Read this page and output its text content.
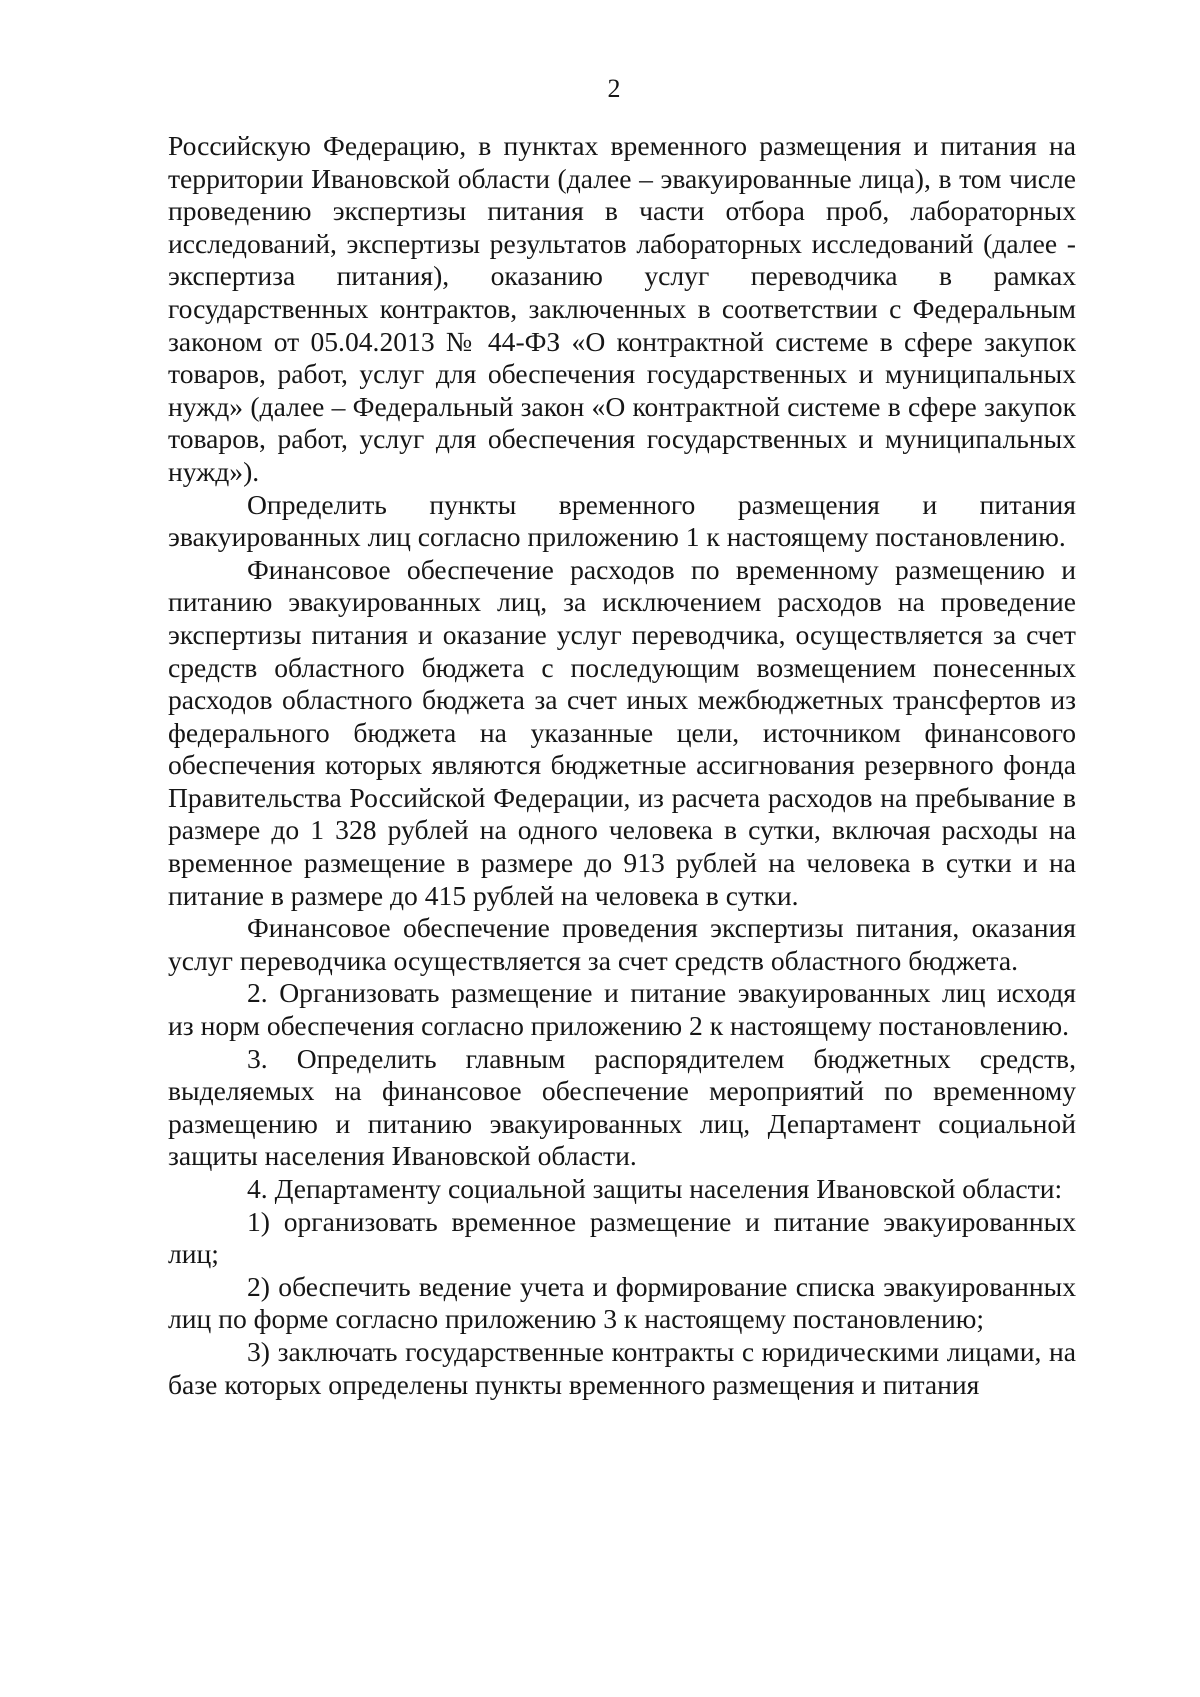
2

Российскую Федерацию, в пунктах временного размещения и питания на территории Ивановской области (далее – эвакуированные лица), в том числе проведению экспертизы питания в части отбора проб, лабораторных исследований, экспертизы результатов лабораторных исследований (далее - экспертиза питания), оказанию услуг переводчика в рамках государственных контрактов, заключенных в соответствии с Федеральным законом от 05.04.2013 № 44-ФЗ «О контрактной системе в сфере закупок товаров, работ, услуг для обеспечения государственных и муниципальных нужд» (далее – Федеральный закон «О контрактной системе в сфере закупок товаров, работ, услуг для обеспечения государственных и муниципальных нужд»).

Определить пункты временного размещения и питания эвакуированных лиц согласно приложению 1 к настоящему постановлению.

Финансовое обеспечение расходов по временному размещению и питанию эвакуированных лиц, за исключением расходов на проведение экспертизы питания и оказание услуг переводчика, осуществляется за счет средств областного бюджета с последующим возмещением понесенных расходов областного бюджета за счет иных межбюджетных трансфертов из федерального бюджета на указанные цели, источником финансового обеспечения которых являются бюджетные ассигнования резервного фонда Правительства Российской Федерации, из расчета расходов на пребывание в размере до 1 328 рублей на одного человека в сутки, включая расходы на временное размещение в размере до 913 рублей на человека в сутки и на питание в размере до 415 рублей на человека в сутки.

Финансовое обеспечение проведения экспертизы питания, оказания услуг переводчика осуществляется за счет средств областного бюджета.

2. Организовать размещение и питание эвакуированных лиц исходя из норм обеспечения согласно приложению 2 к настоящему постановлению.

3. Определить главным распорядителем бюджетных средств, выделяемых на финансовое обеспечение мероприятий по временному размещению и питанию эвакуированных лиц, Департамент социальной защиты населения Ивановской области.

4. Департаменту социальной защиты населения Ивановской области:

1) организовать временное размещение и питание эвакуированных лиц;

2) обеспечить ведение учета и формирование списка эвакуированных лиц по форме согласно приложению 3 к настоящему постановлению;

3) заключать государственные контракты с юридическими лицами, на базе которых определены пункты временного размещения и питания
